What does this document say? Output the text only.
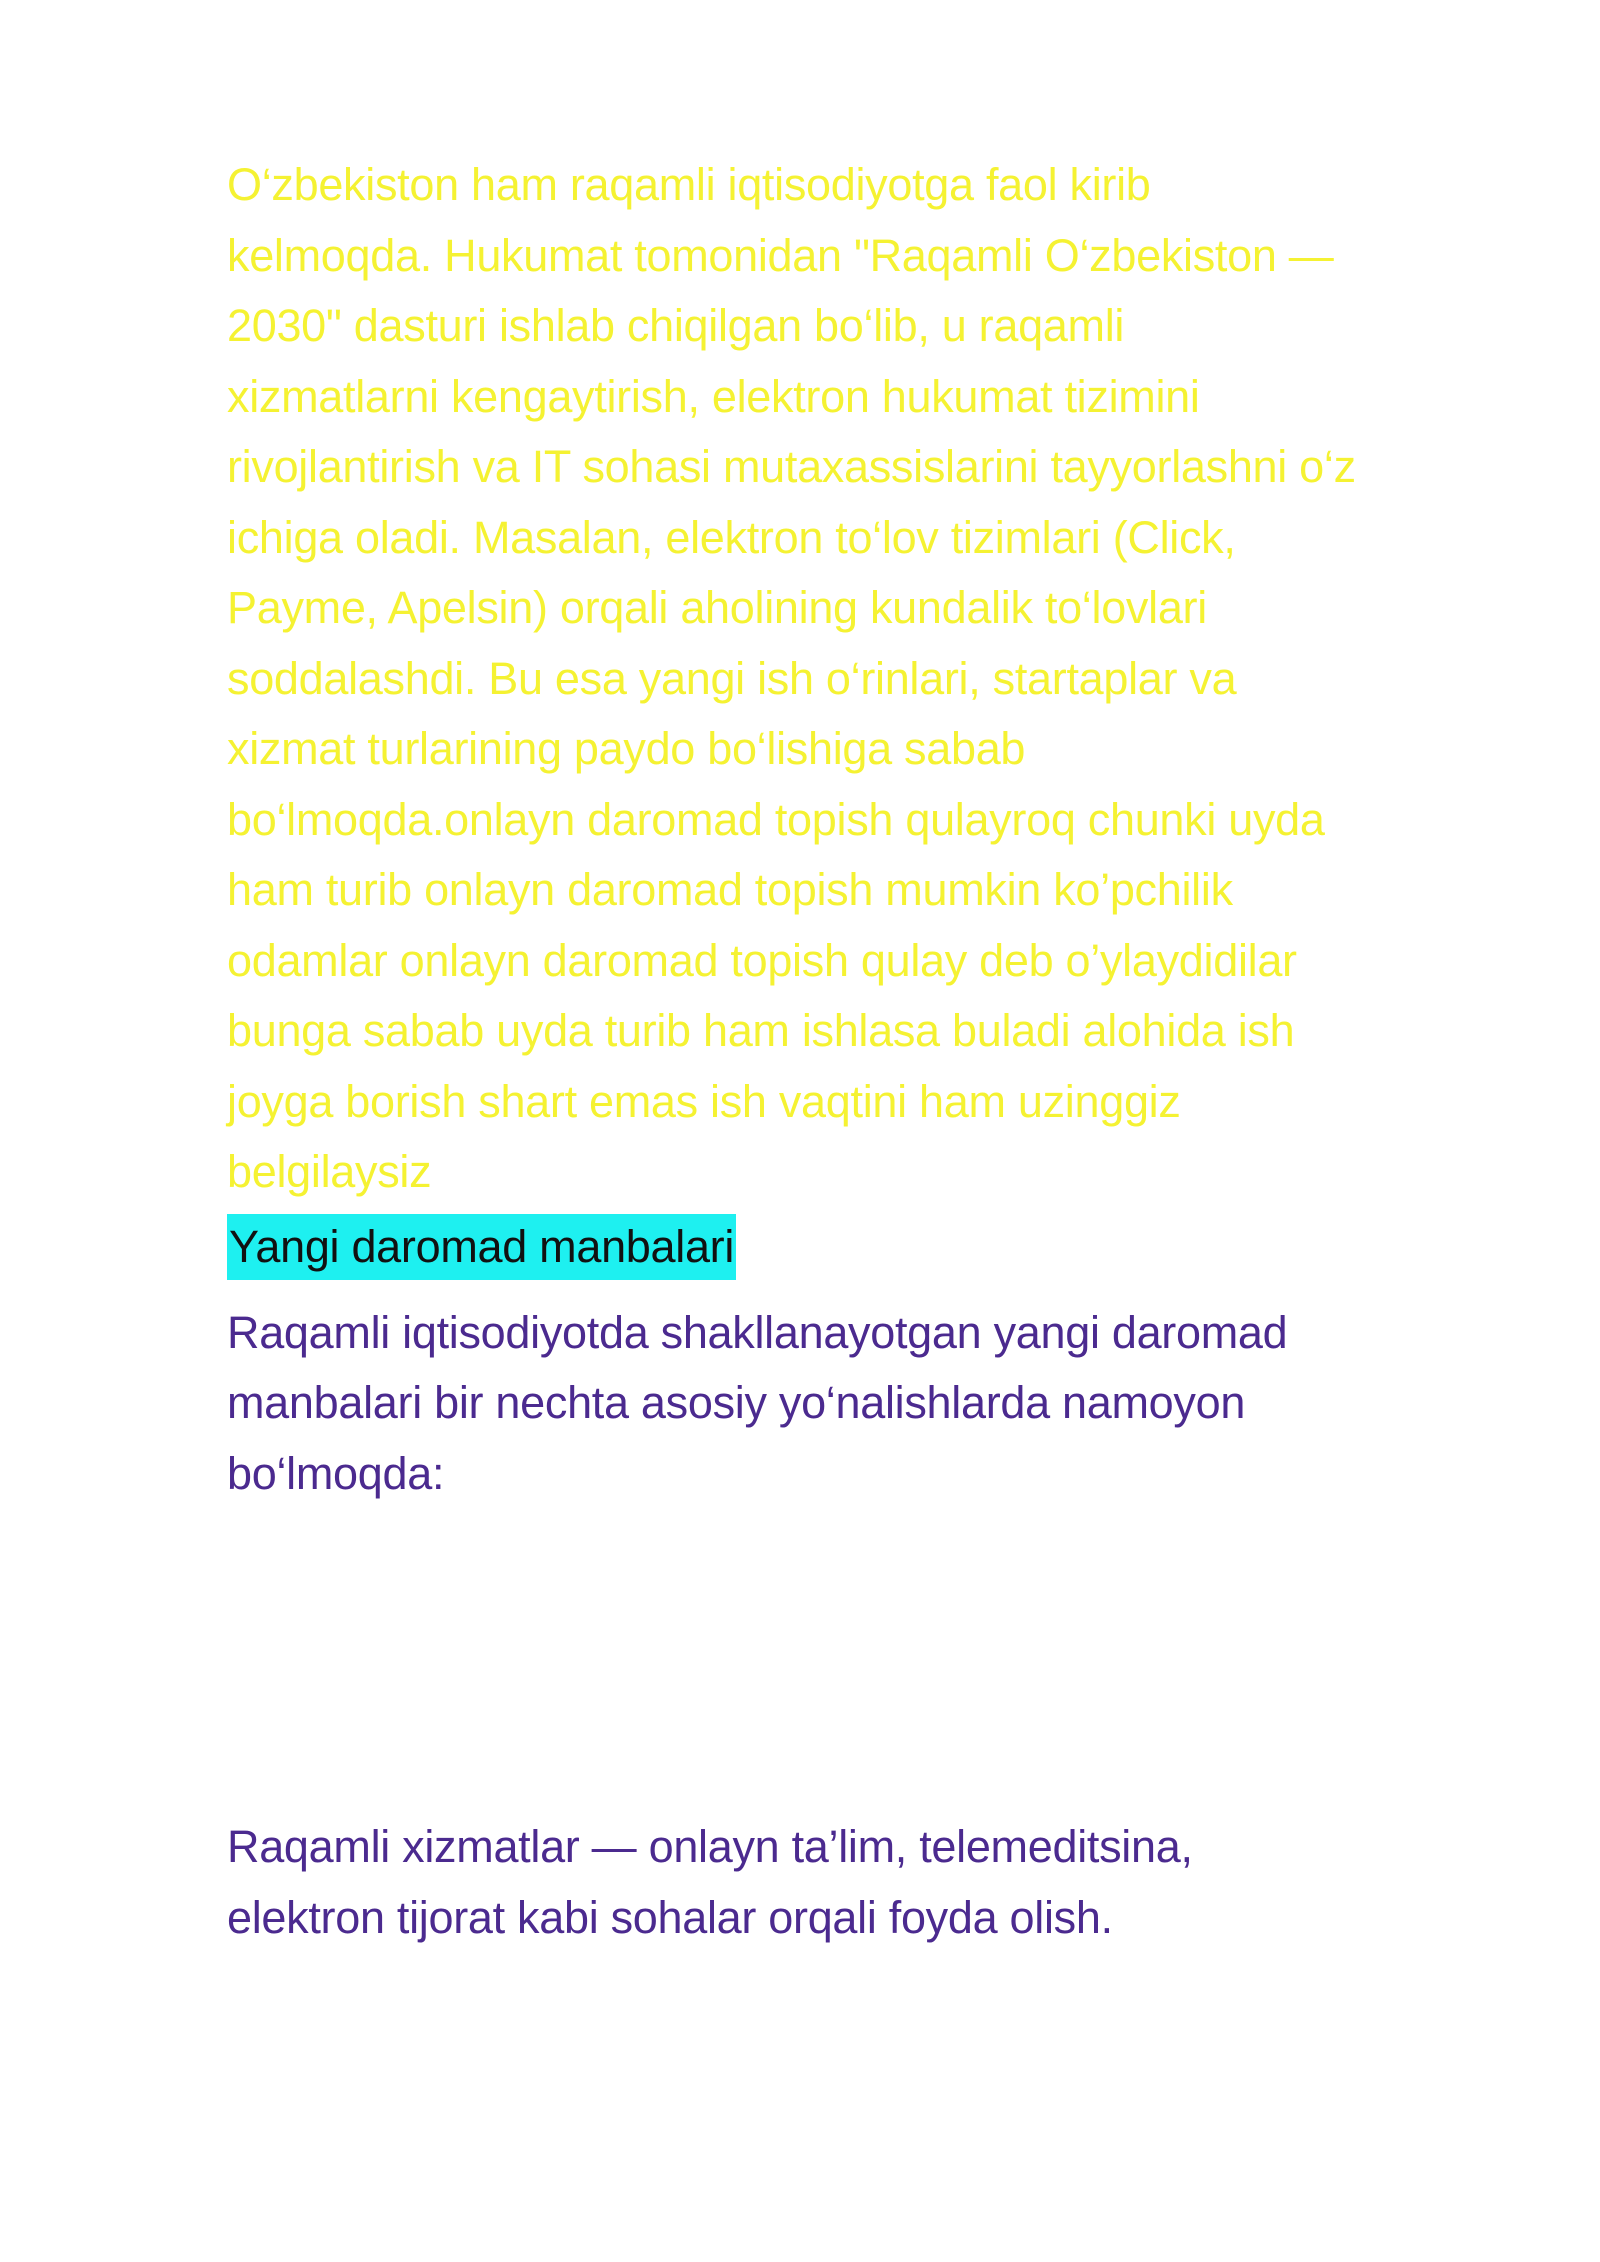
O‘zbekiston ham raqamli iqtisodiyotga faol kirib
kelmoqda. Hukumat tomonidan "Raqamli O‘zbekiston —
2030" dasturi ishlab chiqilgan bo‘lib, u raqamli
xizmatlarni kengaytirish, elektron hukumat tizimini
rivojlantirish va IT sohasi mutaxassislarini tayyorlashni o‘z
ichiga oladi. Masalan, elektron to‘lov tizimlari (Click,
Payme, Apelsin) orqali aholining kundalik to‘lovlari
soddalashdi. Bu esa yangi ish o‘rinlari, startaplar va
xizmat turlarining paydo bo‘lishiga sabab
bo‘lmoqda.onlayn daromad topish qulayroq chunki uyda
ham turib onlayn daromad topish mumkin ko’pchilik
odamlar onlayn daromad topish qulay deb o’ylaydidilar
bunga sabab uyda turib ham ishlasa buladi alohida ish
joyga borish shart emas ish vaqtini ham uzinggiz
belgilaysiz

Yangi daromad manbalari

Raqamli iqtisodiyotda shakllanayotgan yangi daromad
manbalari bir nechta asosiy yo‘nalishlarda namoyon
bo‘lmoqda:

Raqamli xizmatlar — onlayn ta’lim, telemeditsina,
elektron tijorat kabi sohalar orqali foyda olish.
